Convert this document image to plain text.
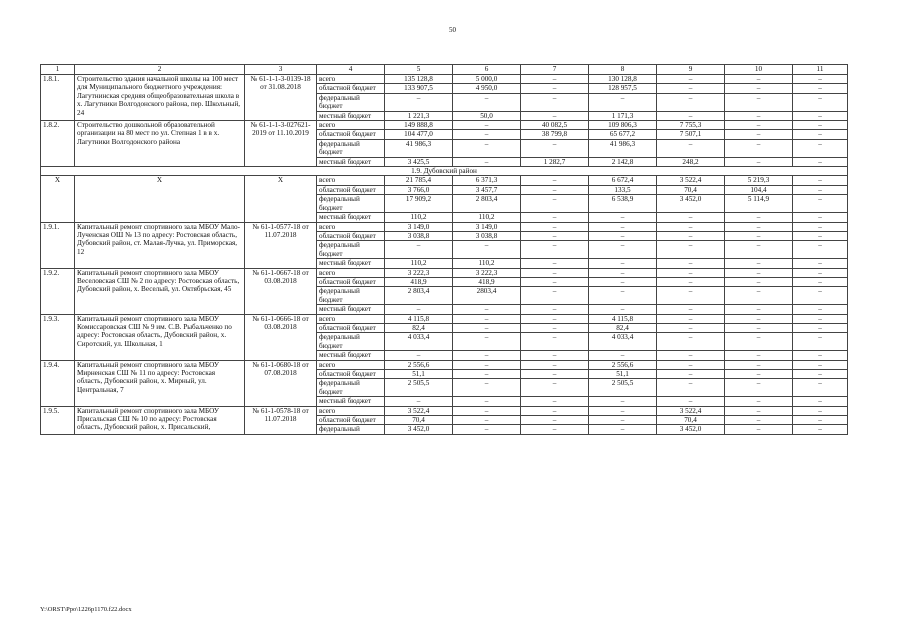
50
1	2	3	4	5	6	7	8	9	10	11
1.8.1.	Строительство здания начальной школы на 100 мест для Муниципального бюджетного учреждения: Лагутнинская средняя общеобразовательная школа в х. Лагутники Волгодонского района, пер. Школьный, 24	№ 61-1-1-3-0139-18 от 31.08.2018	всего	135 128,8	5 000,0	–	130 128,8	–	–	–
			областной бюджет	133 907,5	4 950,0	–	128 957,5	–	–	–
			федеральный бюджет	–	–	–	–	–	–	–
			местный бюджет	1 221,3	50,0	–	1 171,3	–	–	–
1.8.2.	Строительство дошкольной образовательной организации на 80 мест по ул. Степная 1 в в х. Лагутники Волгодонского района	№ 61-1-1-3-027621-2019 от 11.10.2019	всего	149 888,8	–	40 082,5	109 806,3	7 755,3	–	–
			областной бюджет	104 477,0	–	38 799,8	65 677,2	7 507,1	–	–
			федеральный бюджет	41 986,3	–	–	41 986,3	–	–	–
			местный бюджет	3 425,5	–	1 282,7	2 142,8	248,2	–	–
1.9. Дубовский район										
X	X	X	всего	21 785,4	6 371,3	–	6 672,4	3 522,4	5 219,3	–
			областной бюджет	3 766,0	3 457,7	–	133,5	70,4	104,4	–
			федеральный бюджет	17 909,2	2 803,4	–	6 538,9	3 452,0	5 114,9	–
			местный бюджет	110,2	110,2	–	–	–	–	–
1.9.1.	Капитальный ремонт спортивного зала МБОУ Мало-Лученская ОШ № 13 по адресу: Ростовская область, Дубовский район, ст. Малая-Лучка, ул. Приморская, 12	№ 61-1-0577-18 от 11.07.2018	всего	3 149,0	3 149,0	–	–	–	–	–
			областной бюджет	3 038,8	3 038,8	–	–	–	–	–
			федеральный бюджет	–	–	–	–	–	–	–
			местный бюджет	110,2	110,2	–	–	–	–	–
1.9.2.	Капитальный ремонт спортивного зала МБОУ Веселовская СШ № 2 по адресу: Ростовская область, Дубовский район, х. Веселый, ул. Октябрьская, 45	№ 61-1-0667-18 от 03.08.2018	всего	3 222,3	3 222,3	–	–	–	–	–
			областной бюджет	418,9	418,9	–	–	–	–	–
			федеральный бюджет	2 803,4	2803,4	–	–	–	–	–
			местный бюджет	–	–	–	–	–	–	–
1.9.3.	Капитальный ремонт спортивного зала МБОУ Комиссаровская СШ № 9 им. С.В. Рыбальченко по адресу: Ростовская область, Дубовский район, х. Сиротский, ул. Школьная, 1	№ 61-1-0666-18 от 03.08.2018	всего	4 115,8	–	–	4 115,8	–	–	–
			областной бюджет	82,4	–	–	82,4	–	–	–
			федеральный бюджет	4 033,4	–	–	4 033,4	–	–	–
			местный бюджет	–	–	–	–	–	–	–
1.9.4.	Капитальный ремонт спортивного зала МБОУ Мирненская СШ № 11 по адресу: Ростовская область, Дубовский район, х. Мирный, ул. Центральная, 7	№ 61-1-0680-18 от 07.08.2018	всего	2 556,6	–	–	2 556,6	–	–	–
			областной бюджет	51,1	–	–	51,1	–	–	–
			федеральный бюджет	2 505,5	–	–	2 505,5	–	–	–
			местный бюджет	–	–	–	–	–	–	–
1.9.5.	Капитальный ремонт спортивного зала МБОУ Присальская СШ № 10 по адресу: Ростовская область, Дубовский район, х. Присальский,	№ 61-1-0578-18 от 11.07.2018	всего	3 522,4	–	–	–	3 522,4	–	–
			областной бюджет	70,4	–	–	–	70,4	–	–
			федеральный	3 452,0	–	–	–	3 452,0	–	–
Y:\ORST\Ppo\1226p1170.f22.docx
